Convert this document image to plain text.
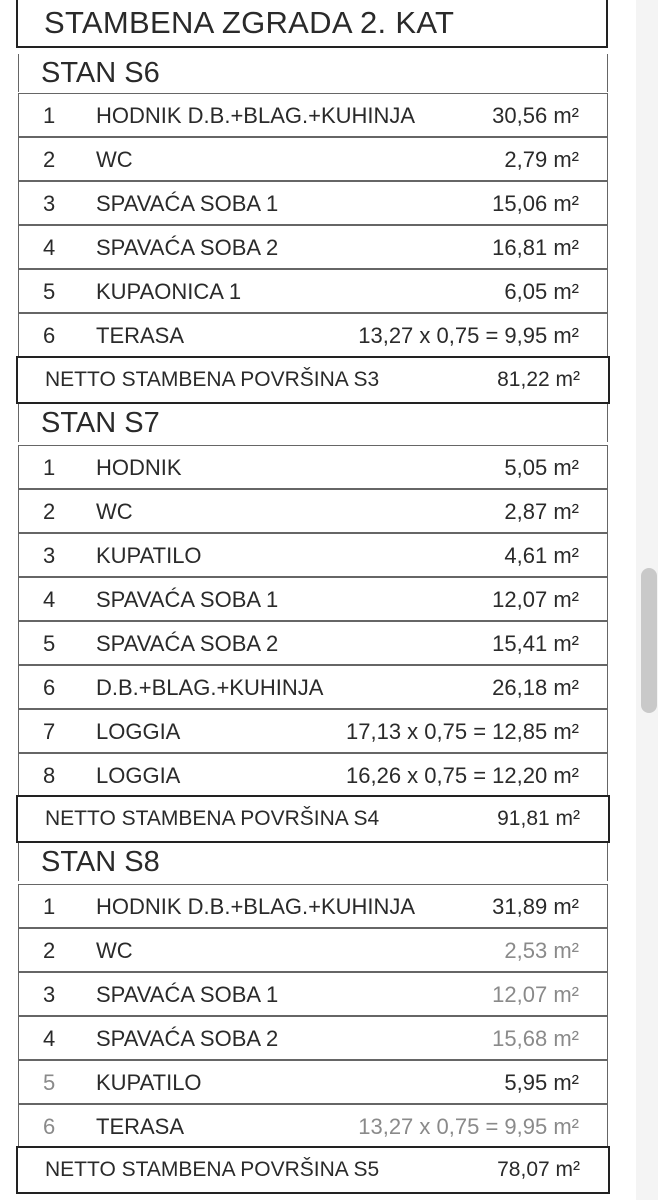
STAMBENA ZGRADA 2. KAT
STAN S6
1 HODNIK D.B.+BLAG.+KUHINJA	30,56 m²
2 WC	2,79 m²
3 SPAVAĆA SOBA 1	15,06 m²
4 SPAVAĆA SOBA 2	16,81 m²
5 KUPAONICA 1	6,05 m²
6 TERASA	13,27 x 0,75 = 9,95 m²
NETTO STAMBENA POVRŠINA S3	81,22 m²
STAN S7
1 HODNIK	5,05 m²
2 WC	2,87 m²
3 KUPATILO	4,61 m²
4 SPAVAĆA SOBA 1	12,07 m²
5 SPAVAĆA SOBA 2	15,41 m²
6 D.B.+BLAG.+KUHINJA	26,18 m²
7 LOGGIA	17,13 x 0,75 = 12,85 m²
8 LOGGIA	16,26 x 0,75 = 12,20 m²
NETTO STAMBENA POVRŠINA S4	91,81 m²
STAN S8
1 HODNIK D.B.+BLAG.+KUHINJA	31,89 m²
2 WC	2,53 m²
3 SPAVAĆA SOBA 1	12,07 m²
4 SPAVAĆA SOBA 2	15,68 m²
5 KUPATILO	5,95 m²
6 TERASA	13,27 x 0,75 = 9,95 m²
NETTO STAMBENA POVRŠINA S5	78,07 m²
